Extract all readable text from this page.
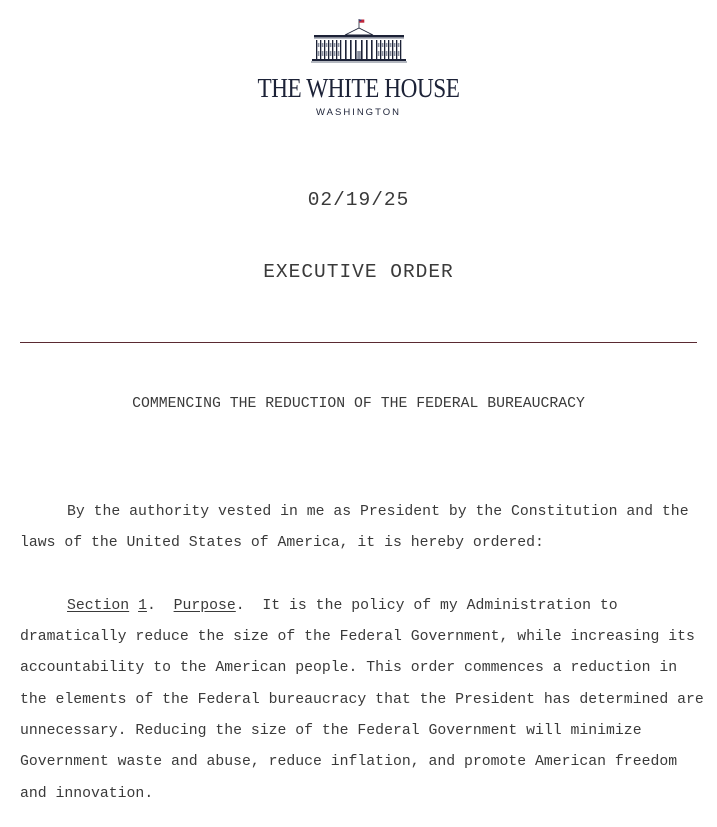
THE WHITE HOUSE
WASHINGTON
02/19/25
EXECUTIVE ORDER
COMMENCING THE REDUCTION OF THE FEDERAL BUREAUCRACY

By the authority vested in me as President by the Constitution and the laws of the United States of America, it is hereby ordered:

Section 1.  Purpose.  It is the policy of my Administration to dramatically reduce the size of the Federal Government, while increasing its accountability to the American people. This order commences a reduction in the elements of the Federal bureaucracy that the President has determined are unnecessary. Reducing the size of the Federal Government will minimize Government waste and abuse, reduce inflation, and promote American freedom and innovation.
